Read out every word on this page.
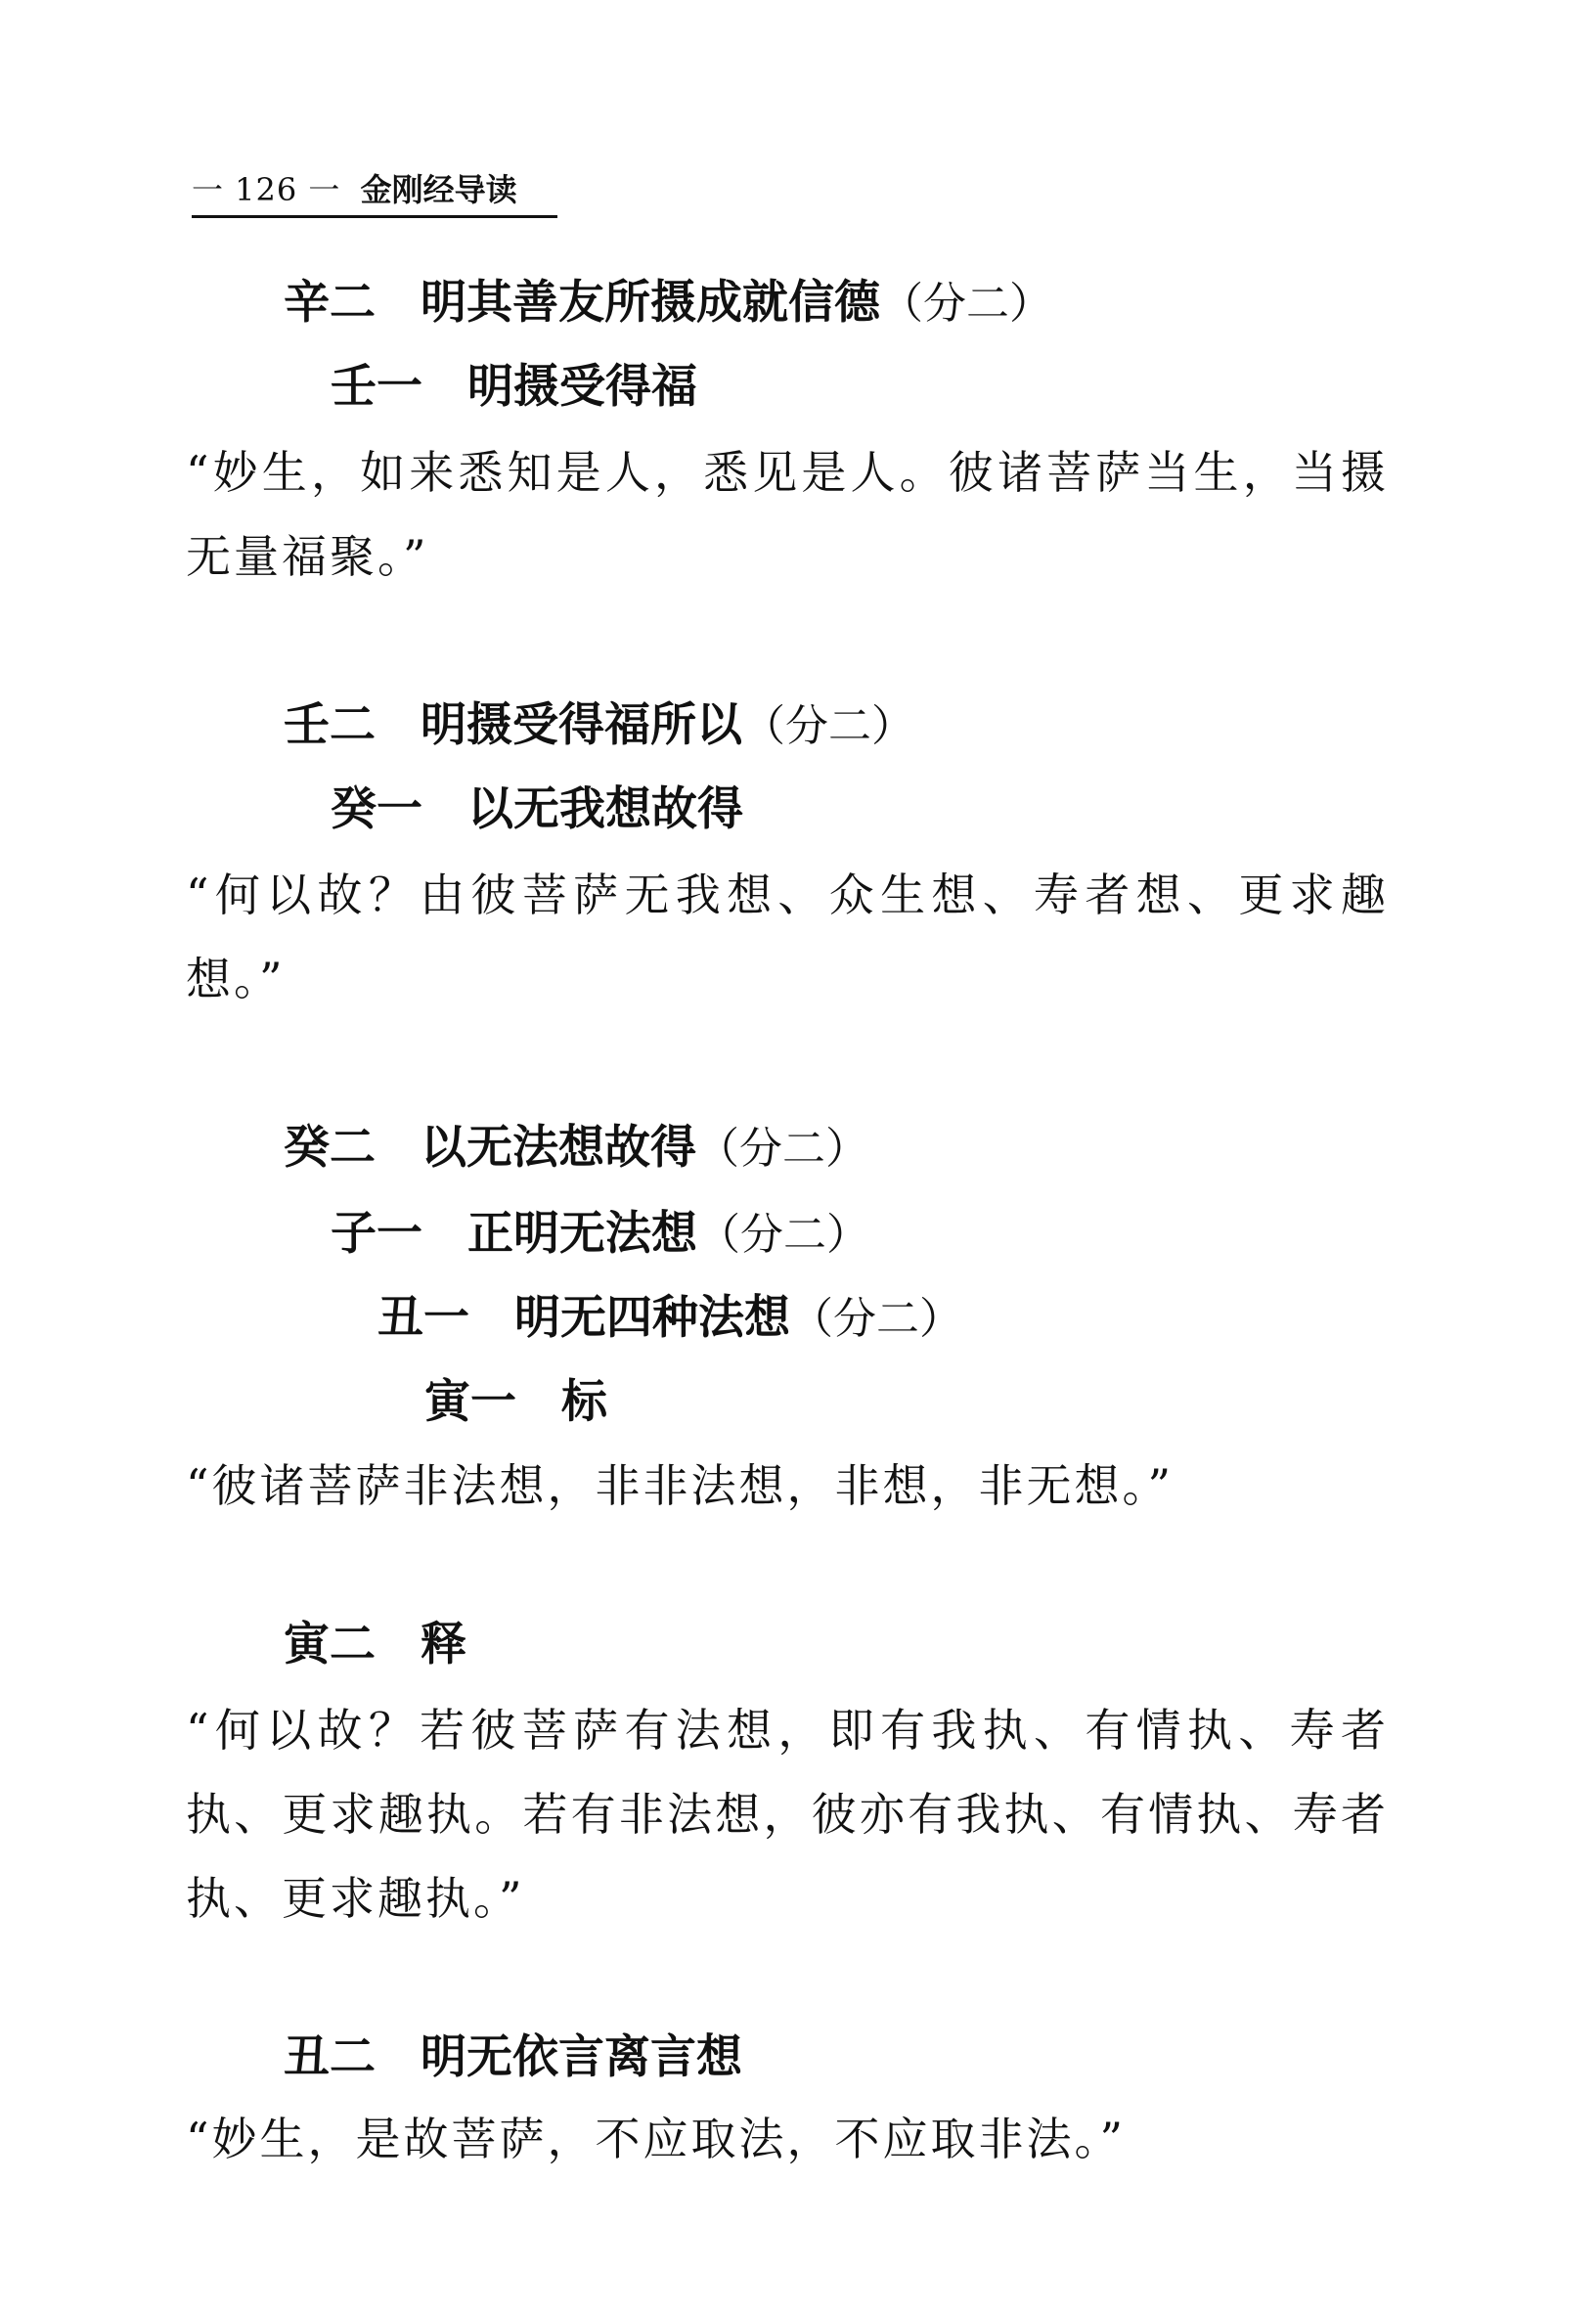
一 126 一 金刚经导读
辛二 明其善友所摄成就信德（分二）
壬一 明摄受得福
“妙生，如来悉知是人，悉见是人。彼诸菩萨当生，当摄无量福聚。”
壬二 明摄受得福所以（分二）
癸一 以无我想故得
“何以故？由彼菩萨无我想、众生想、寿者想、更求趣想。”
癸二 以无法想故得（分二）
子一 正明无法想（分二）
丑一 明无四种法想（分二）
寅一 标
“彼诸菩萨非法想，非非法想，非想，非无想。”
寅二 释
“何以故？若彼菩萨有法想，即有我执、有情执、寿者执、更求趣执。若有非法想，彼亦有我执、有情执、寿者执、更求趣执。”
丑二 明无依言离言想
“妙生，是故菩萨，不应取法，不应取非法。”
